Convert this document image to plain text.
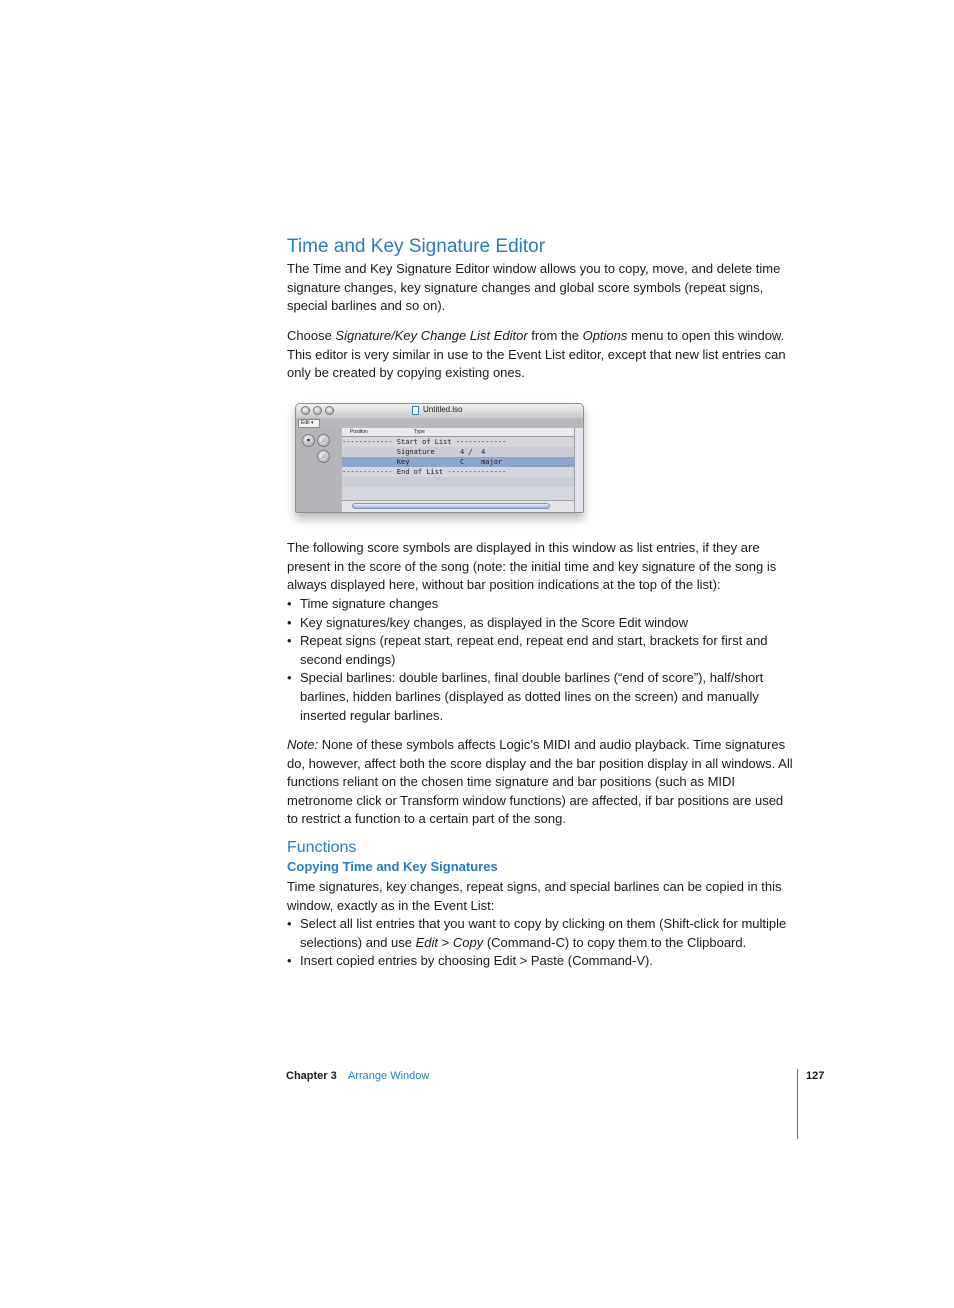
Time and Key Signature Editor
The Time and Key Signature Editor window allows you to copy, move, and delete time signature changes, key signature changes and global score symbols (repeat signs, special barlines and so on).
Choose Signature/Key Change List Editor from the Options menu to open this window. This editor is very similar in use to the Event List editor, except that new list entries can only be created by copying existing ones.
Untitled.lso
●	○
○
Edit ▾
Position	Type
------------ Start of List ------------
Signature      4 /  4
Key            C    major
------------ End of List --------------
The following score symbols are displayed in this window as list entries, if they are present in the score of the song (note: the initial time and key signature of the song is always displayed here, without bar position indications at the top of the list):
• Time signature changes
• Key signatures/key changes, as displayed in the Score Edit window
• Repeat signs (repeat start, repeat end, repeat end and start, brackets for first and second endings)
• Special barlines: double barlines, final double barlines (“end of score”), half/short barlines, hidden barlines (displayed as dotted lines on the screen) and manually inserted regular barlines.
Note: None of these symbols affects Logic’s MIDI and audio playback. Time signatures do, however, affect both the score display and the bar position display in all windows. All functions reliant on the chosen time signature and bar positions (such as MIDI metronome click or Transform window functions) are affected, if bar positions are used to restrict a function to a certain part of the song.
Functions
Copying Time and Key Signatures
Time signatures, key changes, repeat signs, and special barlines can be copied in this window, exactly as in the Event List:
• Select all list entries that you want to copy by clicking on them (Shift-click for multiple selections) and use Edit > Copy (Command-C) to copy them to the Clipboard.
• Insert copied entries by choosing Edit > Paste (Command-V).
Chapter 3 Arrange Window	127
